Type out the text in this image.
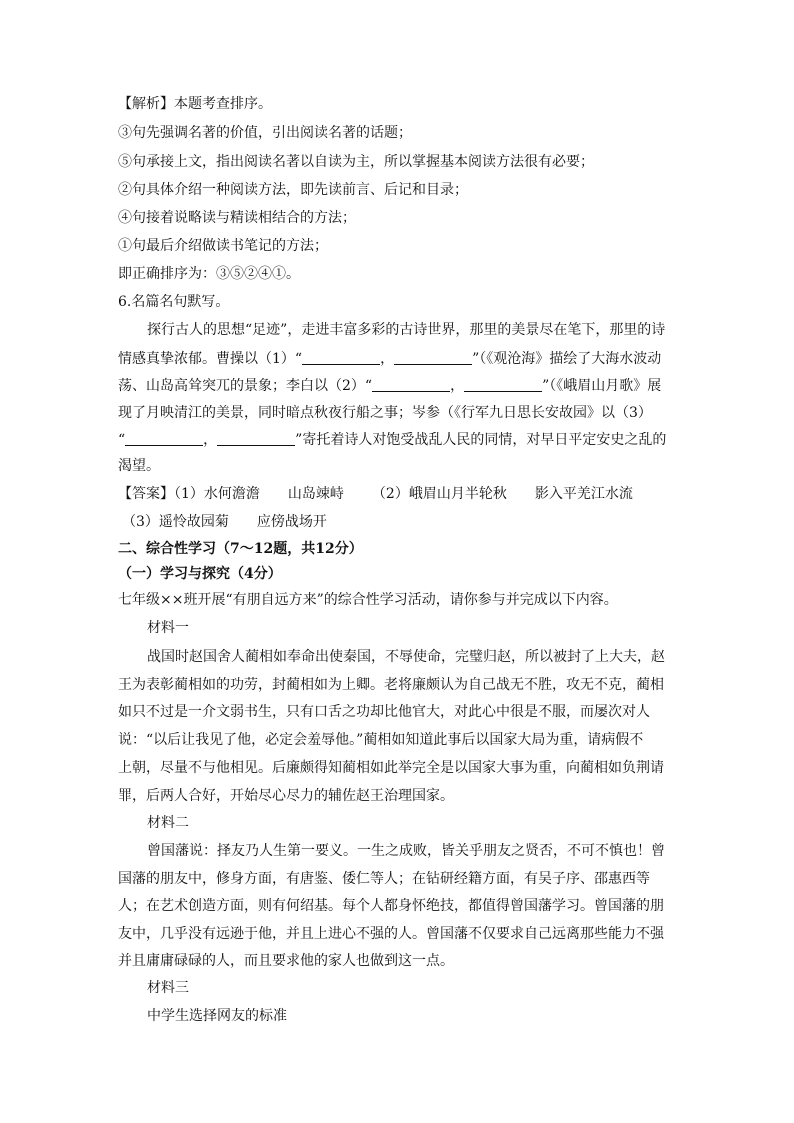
【解析】本题考查排序。
③句先强调名著的价值，引出阅读名著的话题；
⑤句承接上文，指出阅读名著以自读为主，所以掌握基本阅读方法很有必要；
②句具体介绍一种阅读方法，即先读前言、后记和目录；
④句接着说略读与精读相结合的方法；
①句最后介绍做读书笔记的方法；
即正确排序为：③⑤②④①。
6.名篇名句默写。
探行古人的思想“足迹”，走进丰富多彩的古诗世界，那里的美景尽在笔下，那里的诗
情感真挚浓郁。曹操以（1）“	，	”（《观沧海》描绘了大海水波动
荡、山岛高耸突兀的景象；李白以（2）“	，	”（《峨眉山月歌》展
现了月映清江的美景，同时暗点秋夜行船之事；岑参（《行军九日思长安故园》以（3）
“	，	”寄托着诗人对饱受战乱人民的同情，对早日平定安史之乱的
渴望。
【答案】（1）水何澹澹 山岛竦峙 （2）峨眉山月半轮秋 影入平羌江水流
（3）遥怜故园菊 应傍战场开
二、综合性学习（7～12题，共12分）
（一）学习与探究（4分）
七年级××班开展“有朋自远方来”的综合性学习活动，请你参与并完成以下内容。
材料一
战国时赵国舍人蔺相如奉命出使秦国，不辱使命，完璧归赵，所以被封了上大夫，赵
王为表彰蔺相如的功劳，封蔺相如为上卿。老将廉颇认为自己战无不胜，攻无不克，蔺相
如只不过是一介文弱书生，只有口舌之功却比他官大，对此心中很是不服，而屡次对人
说：“以后让我见了他，必定会羞辱他。”蔺相如知道此事后以国家大局为重，请病假不
上朝，尽量不与他相见。后廉颇得知蔺相如此举完全是以国家大事为重，向蔺相如负荆请
罪，后两人合好，开始尽心尽力的辅佐赵王治理国家。
材料二
曾国藩说：择友乃人生第一要义。一生之成败，皆关乎朋友之贤否，不可不慎也！曾
国藩的朋友中，修身方面，有唐鉴、倭仁等人；在钻研经籍方面，有吴子序、邵惠西等
人；在艺术创造方面，则有何绍基。每个人都身怀绝技，都值得曾国藩学习。曾国藩的朋
友中，几乎没有远逊于他，并且上进心不强的人。曾国藩不仅要求自己远离那些能力不强
并且庸庸碌碌的人，而且要求他的家人也做到这一点。
材料三
中学生选择网友的标准
